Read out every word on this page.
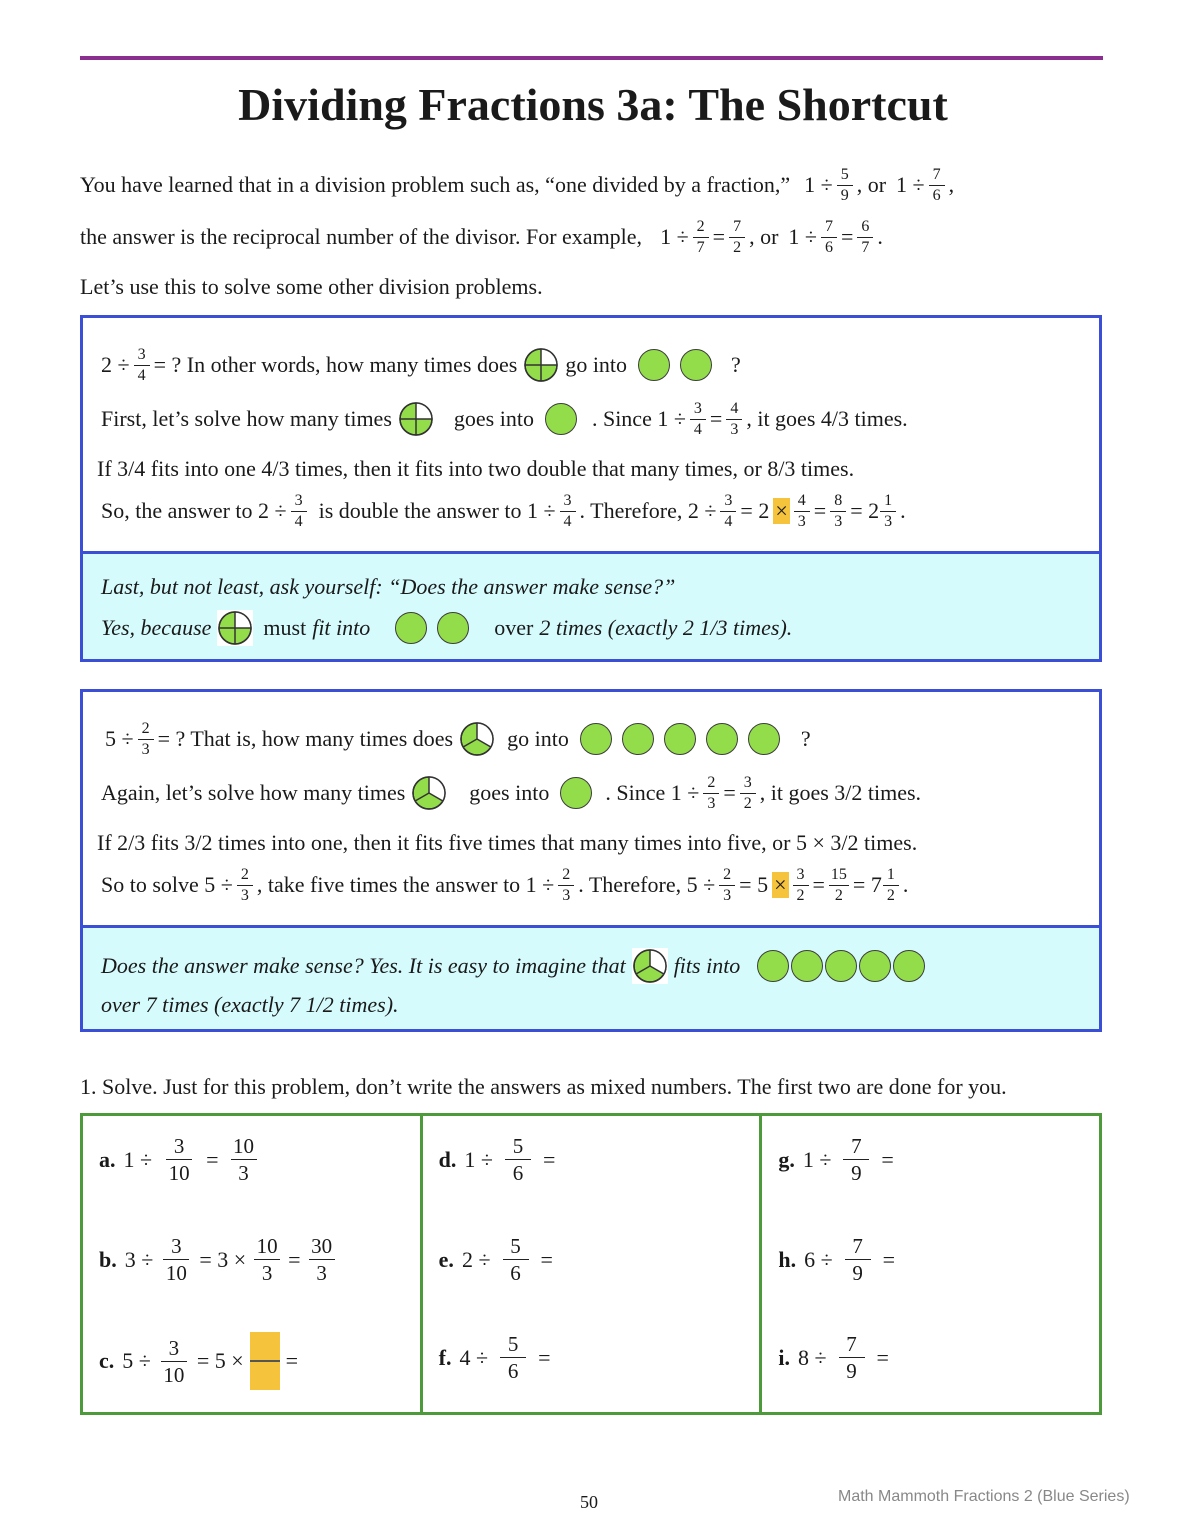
Dividing Fractions 3a: The Shortcut
You have learned that in a division problem such as, “one divided by a fraction,” $1 \div \frac{5}{9}$ , or $1 \div \frac{7}{6}$ ,
the answer is the reciprocal number of the divisor. For example, $1 \div \frac{2}{7} = \frac{7}{2}$ , or $1 \div \frac{7}{6} = \frac{6}{7}$ .
Let’s use this to solve some other division problems.
$2 \div \frac{3}{4}$ = ? In other words, how many times does go into	?
First, let’s solve how many times	goes into	. Since $1 \div \frac{3}{4} = \frac{4}{3}$ , it goes 4/3 times.
If 3/4 fits into one 4/3 times, then it fits into two double that many times, or 8/3 times.
So, the answer to $2 \div \frac{3}{4}$ is double the answer to $1 \div \frac{3}{4}$ . Therefore, $2 \div \frac{3}{4} = 2 \times \frac{4}{3} = \frac{8}{3} = 2 \frac{1}{3}$ .
Last, but not least, ask yourself: “Does the answer make sense?”
Yes, because must fit into	over 2 times (exactly 2 1/3 times).
$5 \div \frac{2}{3}$ = ? That is, how many times does go into	?
Again, let’s solve how many times	goes into	. Since $1 \div \frac{2}{3} = \frac{3}{2}$ , it goes 3/2 times.
If 2/3 fits 3/2 times into one, then it fits five times that many times into five, or 5 × 3/2 times.
So to solve $5 \div \frac{2}{3}$ , take five times the answer to $1 \div \frac{2}{3}$ . Therefore, $5 \div \frac{2}{3} = 5 \times \frac{3}{2} = \frac{15}{2} = 7 \frac{1}{2}$ .
Does the answer make sense? Yes. It is easy to imagine that fits into
over 7 times (exactly 7 1/2 times).
1. Solve. Just for this problem, don’t write the answers as mixed numbers. The first two are done for you.
a. $1 \div \frac{3}{10} = \frac{10}{3}$
b. $3 \div \frac{3}{10} = 3 \times \frac{10}{3} = \frac{30}{3}$
c. $5 \div \frac{3}{10} = 5$ × =
d. $1 \div \frac{5}{6}$ =
e. $2 \div \frac{5}{6}$ =
f. $4 \div \frac{5}{6}$ =
g. $1 \div \frac{7}{9}$ =
h. $6 \div \frac{7}{9}$ =
i. $8 \div \frac{7}{9}$ =
50	Math Mammoth Fractions 2 (Blue Series)
